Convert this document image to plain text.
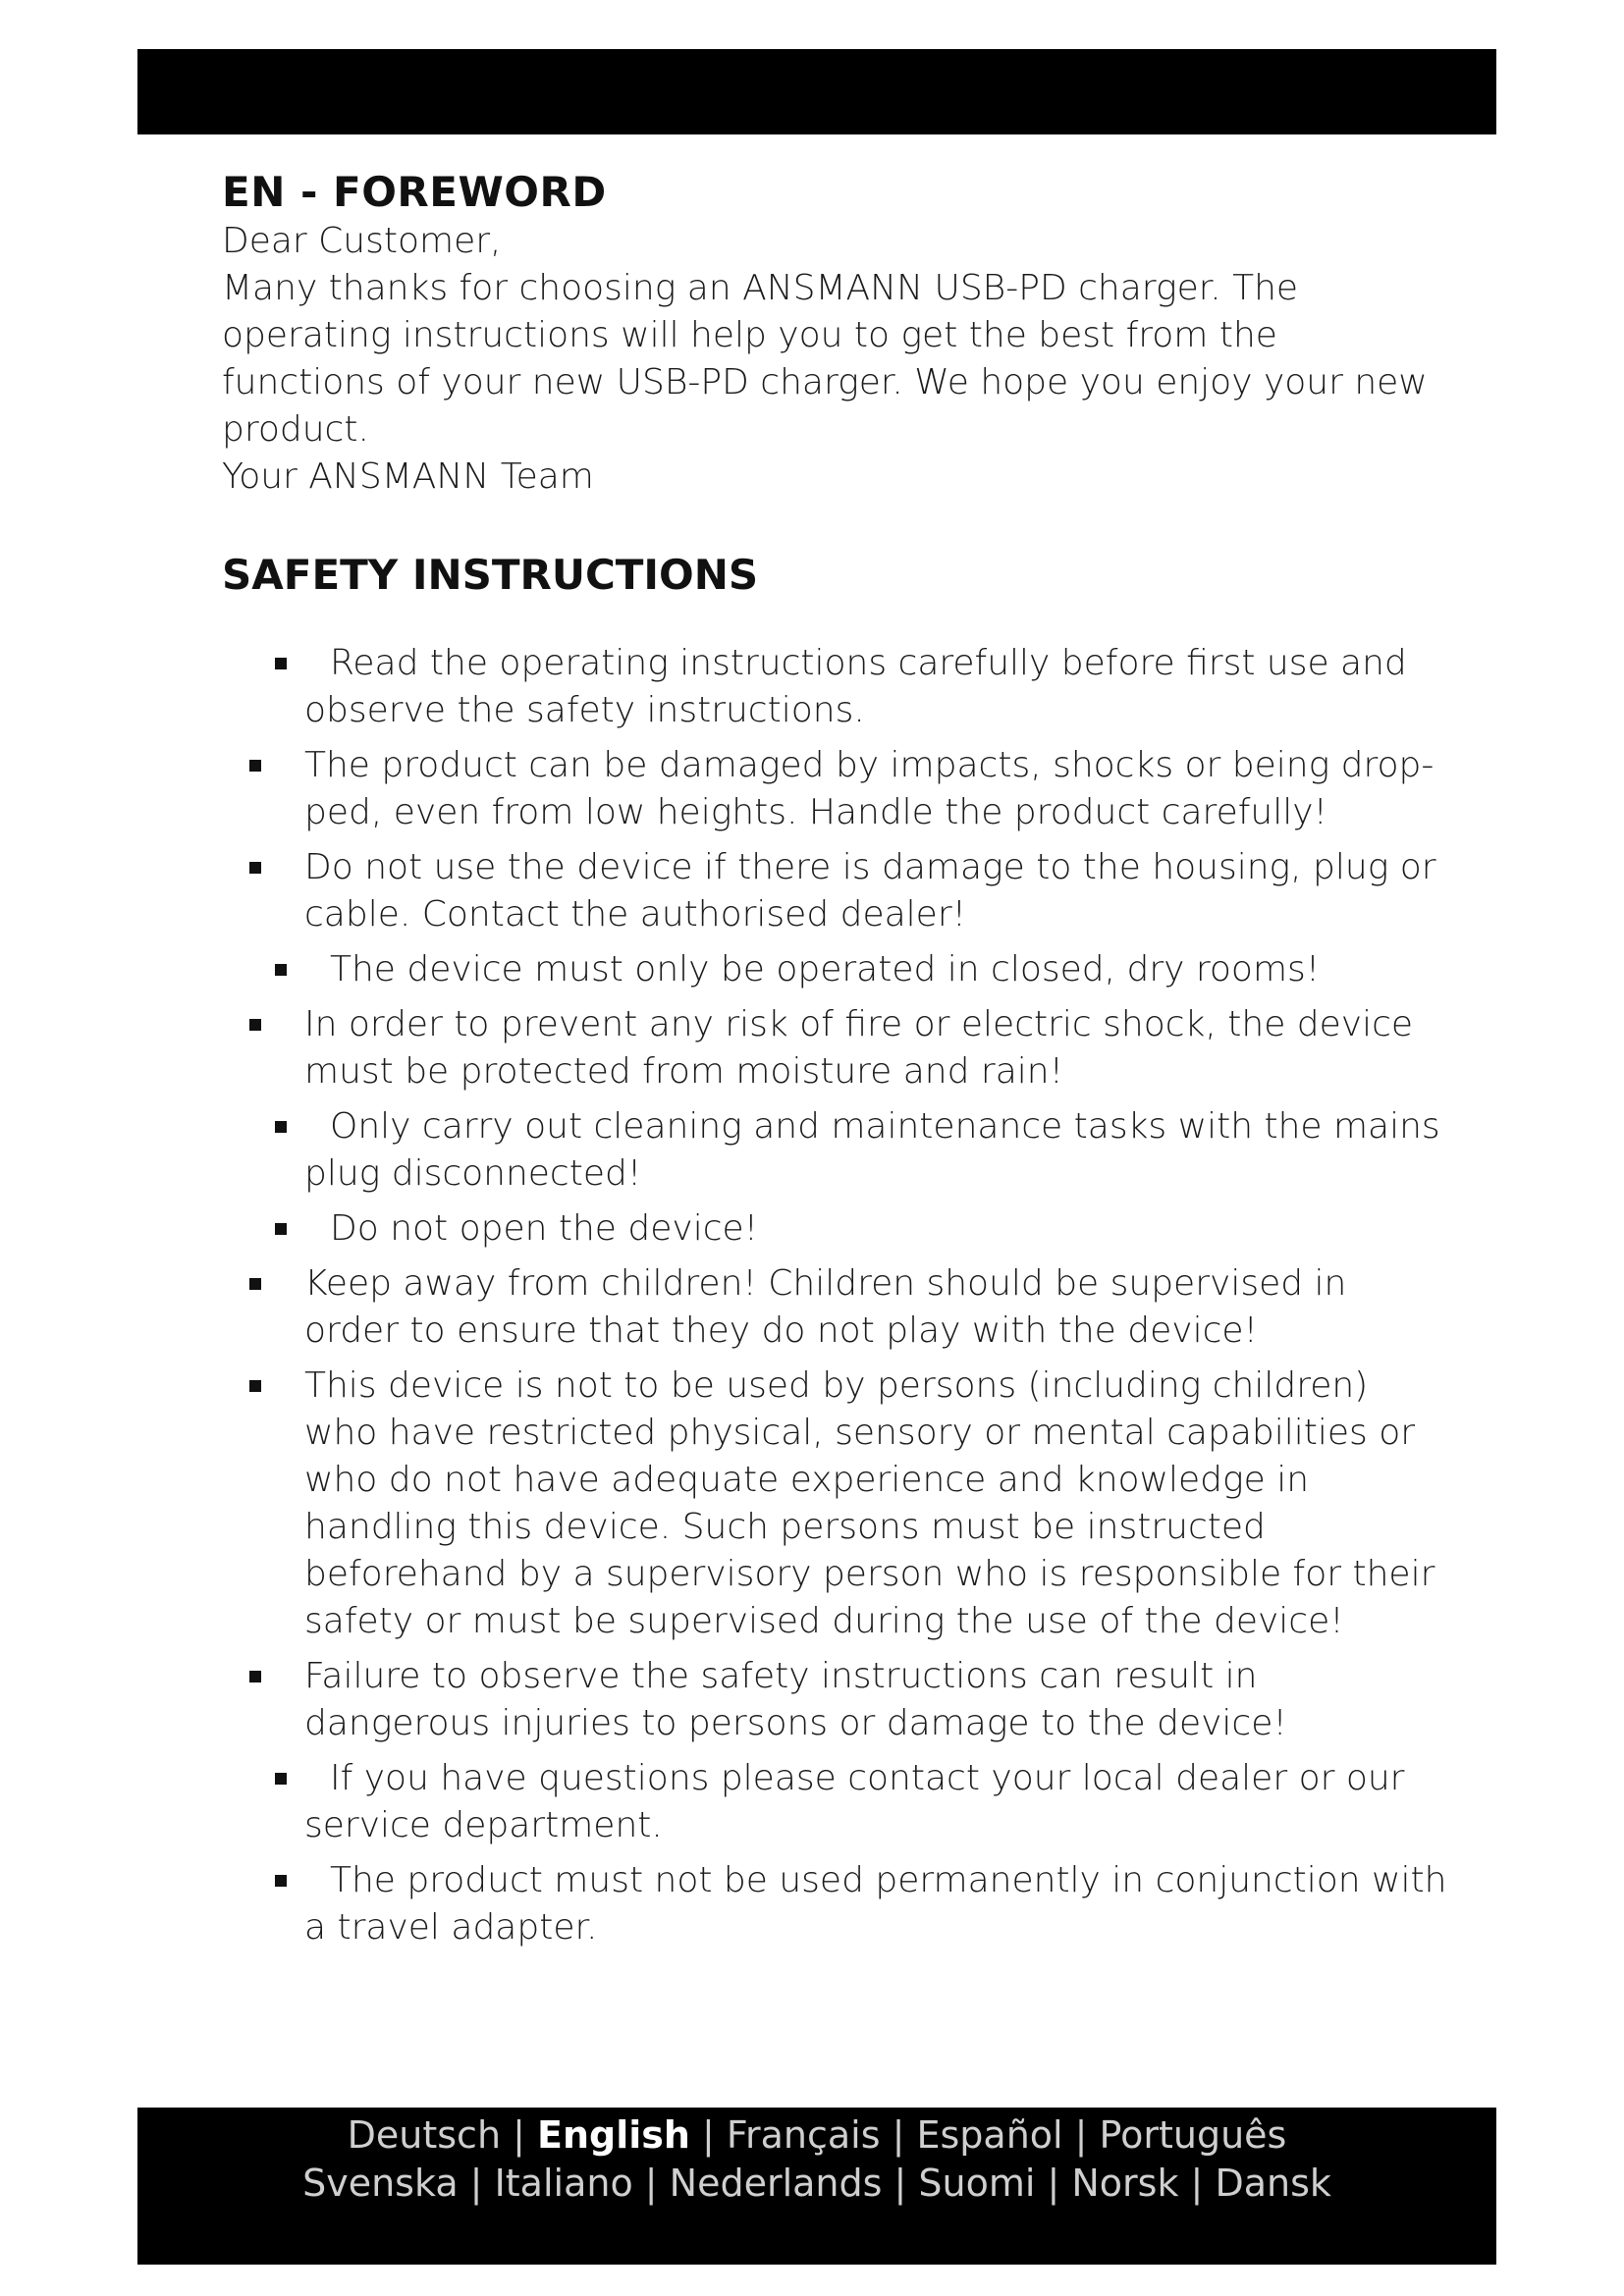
EN - FOREWORD

Dear Customer,

Many thanks for choosing an ANSMANN USB-PD charger. The operating instructions will help you to get the best from the functions of your new USB-PD charger. We hope you enjoy your new product.

Your ANSMANN Team

SAFETY INSTRUCTIONS
Read the operating instructions carefully before first use and observe the safety instructions.
The product can be damaged by impacts, shocks or being drop-ped, even from low heights. Handle the product carefully!
Do not use the device if there is damage to the housing, plug or cable. Contact the authorised dealer!
The device must only be operated in closed, dry rooms!
In order to prevent any risk of fire or electric shock, the device must be protected from moisture and rain!
Only carry out cleaning and maintenance tasks with the mains plug disconnected!
Do not open the device!
Keep away from children! Children should be supervised in order to ensure that they do not play with the device!
This device is not to be used by persons (including children) who have restricted physical, sensory or mental capabilities or who do not have adequate experience and knowledge in handling this device. Such persons must be instructed beforehand by a supervisory person who is responsible for their safety or must be supervised during the use of the device!
Failure to observe the safety instructions can result in dangerous injuries to persons or damage to the device!
If you have questions please contact your local dealer or our service department.
The product must not be used permanently in conjunction with a travel adapter.
Deutsch | English | Français | Español | Português
Svenska | Italiano | Nederlands | Suomi | Norsk | Dansk
